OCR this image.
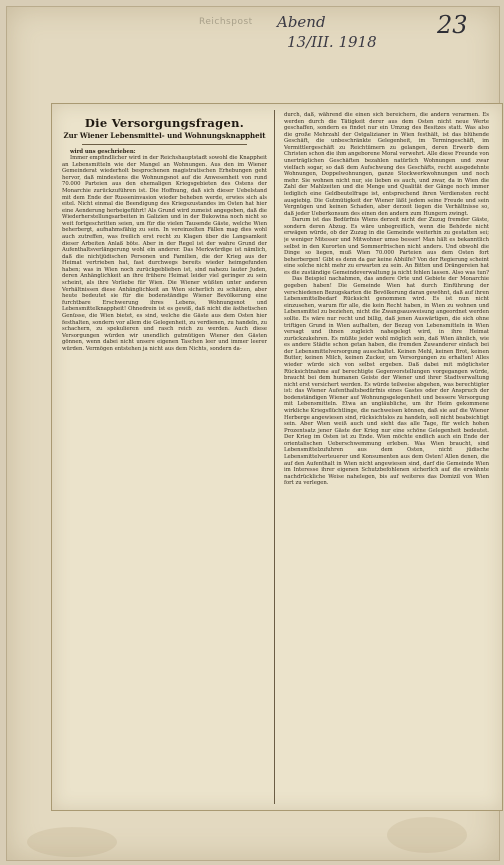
Reichspost Abend
13/III. 1918
23
Die Versorgungsfragen.
Zur Wiener Lebensmittel- und Wohnungsknappheit

wird uns geschrieben:

Immer empfindlicher wird in der Reichshauptstadt sowohl die Knappheit an Lebensmitteln wie der Mangel an Wohnungen. Aus den im Wiener Gemeinderat wiederholt besprochenen magistratischen Erhebungen geht hervor, daß mindestens die Wohnungsnot auf die Anwesenheit von rund 70.000 Parteien aus den ehemaligen Kriegsgebieten des Ostens der Monarchie zurückzuführen ist. Die Hoffnung, daß sich dieser Uebelstand mit dem Ende der Russeninvasion wieder beheben werde, erwies sich als eitel. Nicht einmal die Beendigung des Kriegszustandes im Osten hat hier eine Aenderung herbeigeführt! Als Grund wird zumeist angegeben, daß die Wiederherstellungsarbeiten in Galizien und in der Bukowina noch nicht so weit fortgeschritten seien, um für die vielen Tausende Gäste, welche Wien beherbergt, aufnahmsfähig zu sein. In vereinzelten Fällen mag dies wohl auch zutreffen, was freilich erst recht zu Klagen über die Langsamkeit dieser Arbeiten Anlaß böte. Aber in der Regel ist der wahre Grund der Aufenthaltsverlängerung wohl ein anderer. Das Merkwürdige ist nämlich, daß die nichtjüdischen Personen und Familien, die der Krieg aus der Heimat vertrieben hat, fast durchwegs bereits wieder heimgefunden haben; was in Wien noch zurückgeblieben ist, sind nahezu lauter Juden, deren Anhänglichkeit an ihre frühere Heimat leider viel geringer zu sein scheint, als ihre Vorliebe für Wien. Die Wiener wüßten unter anderen Verhältnissen diese Anhänglichkeit an Wien sicherlich zu schätzen, aber heute bedeutet sie für die bodenständige Wiener Bevölkerung eine furchtbare Erschwerung ihres Lebens, Wohnungsnot und Lebensmittelknappheit! Ohnedrein ist es gewiß, daß nicht die ästhetischen Genüsse, die Wien bietet, es sind, welche die Gäste aus dem Osten hier festhalten, sondern vor allem die Gelegenheit, zu verdienen, zu handeln, zu schachern, zu spekulieren und rasch reich zu werden. Auch diese Versorgungen würden wir unendlich gutmütigen Wiener den Gästen gönnen, wenn dabei nicht unsere eigenen Taschen leer und immer leerer würden. Vermögen entstehen ja nicht aus dem Nichts, sondern da-

durch, daß, während die einen sich bereichern, die andern verarmen. Es werden durch die Tätigkeit derer aus dem Osten nicht neue Werte geschaffen, sondern es findet nur ein Umzug des Besitzes statt. Was also die große Mehrzahl der Ostgalizianer in Wien festhält, ist das blühende Geschäft, die unbeschränkte Gelegenheit, im Termingeschäft, im Vermittlergeschäft zu Reichtümern zu gelangen, deren Erwerb dem Christen schon die ihm angeborene Moral verwehrt. Alle diese Freunde von unerträglichen Geschäften bezahlen natürlich Wohnungen und zwar vielfach sogar, so daß dem Aufschwung des Geschäfts, recht ausgedehnte Wohnungen, Doppelwohnungen, ganze Stockwerkwohnungen und noch mehr. Sie wohnen nicht nur, sie lieben es auch, und zwar, da in Wien die Zahl der Mahlzeiten und die Menge und Qualität der Gänge noch immer lediglich eine Geldbeutelfrage ist, entsprechend ihren Verdiensten recht ausgiebig. Die Gutmütigkeit der Wiener läßt jedem seine Freude und sein Vergnügen und keinen Schaden, aber derzeit liegen die Verhältnisse so, daß jeder Ueberkonsum des einen den andern zum Hungern zwingt.

Darum ist das Bedürfnis Wiens derzeit nicht der Zuzug fremder Gäste, sondern deren Abzug. Es wäre unbegreiflich, wenn die Behörde nicht erwägen würde, ob der Zuzug in die Gemeinde weiterhin zu gestatten sei; je weniger Mitesser und Mitwohner umso besser! Man hält es bekanntlich selbst in den Kurorten und Sommerfrischen nicht anders. Und obwohl die Dinge so liegen, muß Wien 70.000 Parteien aus dem Osten fort beherbergen! Gibt es denn da gar keine Abhilfe? Von der Regierung scheint eine solche nicht mehr zu erwarten zu sein. An Bitten und Drängereien hat es die zuständige Gemeindeverwaltung ja nicht fehlen lassen. Also was tun?

Das Beispiel nachahmen, das andere Orte und Gebiete der Monarchie gegeben haben! Die Gemeinde Wien hat durch Einführung der verschiedenen Bezugskarten die Bevölkerung daran gewöhnt, daß auf ihren Lebensmittelbedarf Rücksicht genommen wird. Es ist nun nicht einzusehen, warum für alle, die kein Recht haben, in Wien zu wohnen und Lebensmittel zu beziehen, nicht die Zwangsausweisung angeordnet werden sollte. Es wäre nur recht und billig, daß jenen Auswärtigen, die sich ohne triftigen Grund in Wien aufhalten, der Bezug von Lebensmitteln in Wien versagt und ihnen zugleich nahegelegt wird, in ihre Heimat zurückzukehren. Es müßte jeder wohl möglich sein, daß Wien ähnlich, wie es andere Städte schon getan haben, die fremden Zuwanderer einfach bei der Lebensmittelversorgung ausschaltet. Keinen Mehl, keinen Brot, keinen Butter, keinen Milch, keinen Zucker, um Versorgungen zu erhalten! Alles wieder würde sich von selbst ergeben. Daß dabei mit möglichster Rücksichtnahme auf berechtigte Gegenvorstellungen vorgegangen würde, braucht bei dem humanen Geiste der Wiener und ihrer Stadtverwaltung nicht erst versichert werden. Es würde teilweise abgehen, was berechtigter ist: das Wiener Aufenthaltsbedürfnis eines Gastes oder der Anspruch der bodenständigen Wiener auf Wohnungsgelegenheit und bessere Versorgung mit Lebensmitteln. Etwa an ungläubliche, um ihr Heim gekommene wirkliche Kriegsflüchtlinge, die nachweisen können, daß sie auf die Wiener Herberge angewiesen sind, rücksichtslos zu handeln, soll nicht beabsichtigt sein. Aber Wien weiß auch und sieht das alle Tage, für welch hohen Prozentsatz jener Gäste der Krieg nur eine schöne Gelegenheit bedeutet. Der Krieg im Osten ist zu Ende. Wien möchte endlich auch ein Ende der orientalischen Ueberschwemmung erleben. Was Wien braucht, sind Lebensmittelzufuhren aus dem Osten, nicht jüdische Lebensmittelverteuerer und Konsumenten aus dem Osten! Allen denen, die auf den Aufenthalt in Wien nicht angewiesen sind, darf die Gemeinde Wien im Interesse ihrer eigenen Schutzbefohlenen sicherlich auf die erwähnte nachdrückliche Weise nahelegen, bis auf weiteres das Domizil von Wien fort zu verlegen.
